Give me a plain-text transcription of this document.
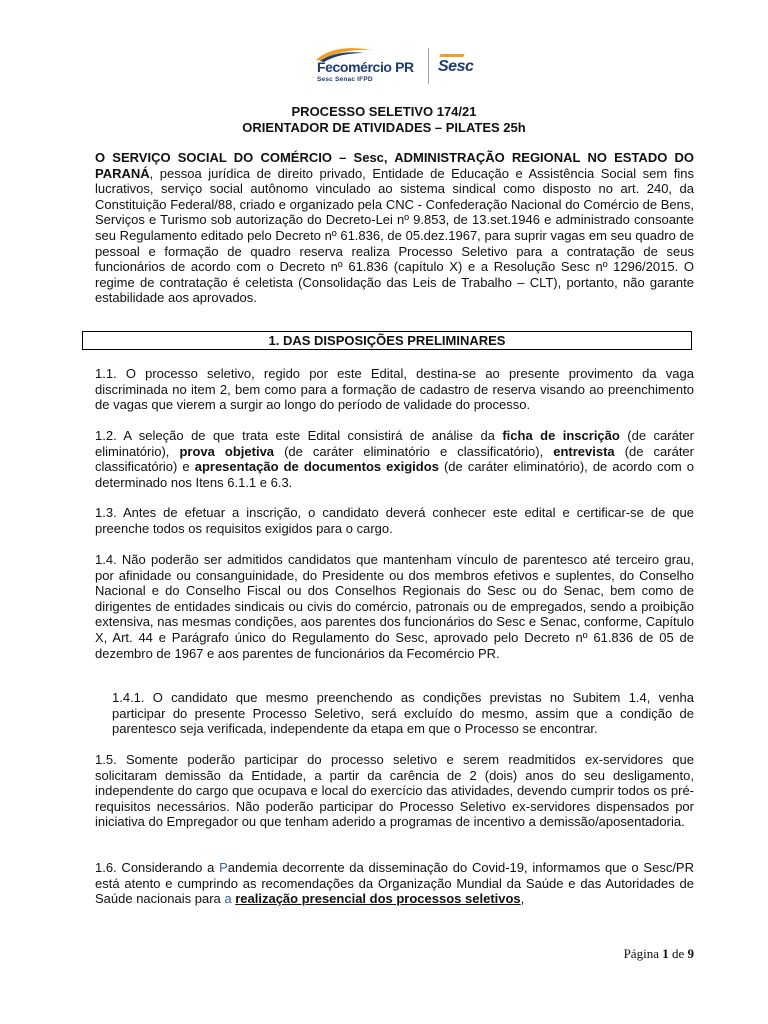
Fecomércio PR
Sesc Senac IFPD
Sesc
PROCESSO SELETIVO 174/21
ORIENTADOR DE ATIVIDADES – PILATES 25h

O SERVIÇO SOCIAL DO COMÉRCIO – Sesc, ADMINISTRAÇÃO REGIONAL NO ESTADO DO PARANÁ, pessoa jurídica de direito privado, Entidade de Educação e Assistência Social sem fins lucrativos, serviço social autônomo vinculado ao sistema sindical como disposto no art. 240, da Constituição Federal/88, criado e organizado pela CNC - Confederação Nacional do Comércio de Bens, Serviços e Turismo sob autorização do Decreto-Lei nº 9.853, de 13.set.1946 e administrado consoante seu Regulamento editado pelo Decreto nº 61.836, de 05.dez.1967, para suprir vagas em seu quadro de pessoal e formação de quadro reserva realiza Processo Seletivo para a contratação de seus funcionários de acordo com o Decreto nº 61.836 (capítulo X) e a Resolução Sesc nº 1296/2015. O regime de contratação é celetista (Consolidação das Leis de Trabalho – CLT), portanto, não garante estabilidade aos aprovados.

1. DAS DISPOSIÇÕES PRELIMINARES

1.1. O processo seletivo, regido por este Edital, destina-se ao presente provimento da vaga discriminada no item 2, bem como para a formação de cadastro de reserva visando ao preenchimento de vagas que vierem a surgir ao longo do período de validade do processo.

1.2. A seleção de que trata este Edital consistirá de análise da ficha de inscrição (de caráter eliminatório), prova objetiva (de caráter eliminatório e classificatório), entrevista (de caráter classificatório) e apresentação de documentos exigidos (de caráter eliminatório), de acordo com o determinado nos Itens 6.1.1 e 6.3.

1.3. Antes de efetuar a inscrição, o candidato deverá conhecer este edital e certificar-se de que preenche todos os requisitos exigidos para o cargo.

1.4. Não poderão ser admitidos candidatos que mantenham vínculo de parentesco até terceiro grau, por afinidade ou consanguinidade, do Presidente ou dos membros efetivos e suplentes, do Conselho Nacional e do Conselho Fiscal ou dos Conselhos Regionais do Sesc ou do Senac, bem como de dirigentes de entidades sindicais ou civis do comércio, patronais ou de empregados, sendo a proibição extensiva, nas mesmas condições, aos parentes dos funcionários do Sesc e Senac, conforme, Capítulo X, Art. 44 e Parágrafo único do Regulamento do Sesc, aprovado pelo Decreto nº 61.836 de 05 de dezembro de 1967 e aos parentes de funcionários da Fecomércio PR.

1.4.1. O candidato que mesmo preenchendo as condições previstas no Subitem 1.4, venha participar do presente Processo Seletivo, será excluído do mesmo, assim que a condição de parentesco seja verificada, independente da etapa em que o Processo se encontrar.

1.5. Somente poderão participar do processo seletivo e serem readmitidos ex-servidores que solicitaram demissão da Entidade, a partir da carência de 2 (dois) anos do seu desligamento, independente do cargo que ocupava e local do exercício das atividades, devendo cumprir todos os pré-requisitos necessários. Não poderão participar do Processo Seletivo ex-servidores dispensados por iniciativa do Empregador ou que tenham aderido a programas de incentivo a demissão/aposentadoria.

1.6. Considerando a Pandemia decorrente da disseminação do Covid-19, informamos que o Sesc/PR está atento e cumprindo as recomendações da Organização Mundial da Saúde e das Autoridades de Saúde nacionais para a realização presencial dos processos seletivos,

Página 1 de 9
